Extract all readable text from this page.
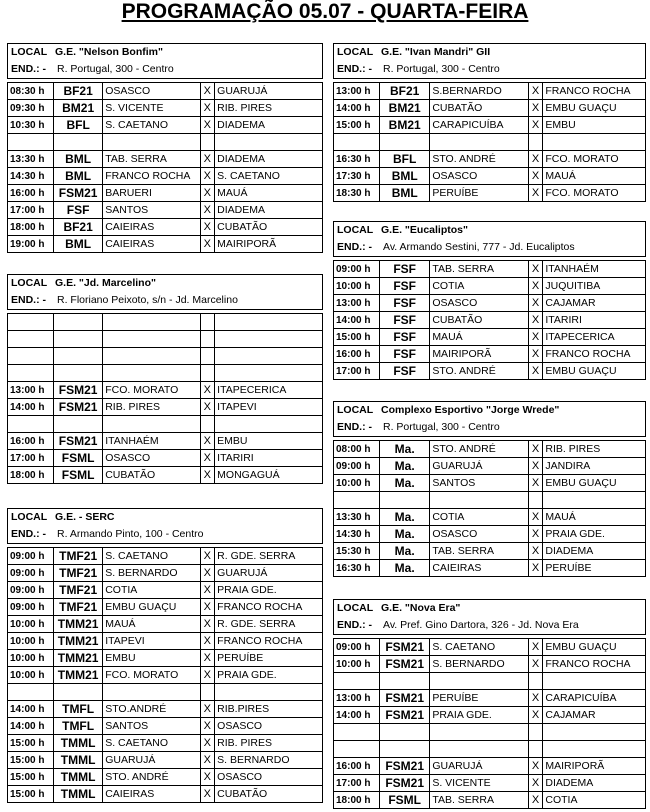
PROGRAMAÇÃO 05.07 - QUARTA-FEIRA
LOCAL G.E. "Nelson Bonfim"
END.: - R. Portugal, 300 - Centro
08:30 h	BF21	OSASCO	X	GUARUJÁ
09:30 h	BM21	S. VICENTE	X	RIB. PIRES
10:30 h	BFL	S. CAETANO	X	DIADEMA

13:30 h	BML	TAB. SERRA	X	DIADEMA
14:30 h	BML	FRANCO ROCHA	X	S. CAETANO
16:00 h	FSM21	BARUERI	X	MAUÁ
17:00 h	FSF	SANTOS	X	DIADEMA
18:00 h	BF21	CAIEIRAS	X	CUBATÃO
19:00 h	BML	CAIEIRAS	X	MAIRIPORÃ
LOCAL G.E. "Jd. Marcelino"
END.: - R. Floriano Peixoto, s/n - Jd. Marcelino

13:00 h	FSM21	FCO. MORATO	X	ITAPECERICA
14:00 h	FSM21	RIB. PIRES	X	ITAPEVI

16:00 h	FSM21	ITANHAÉM	X	EMBU
17:00 h	FSML	OSASCO	X	ITARIRI
18:00 h	FSML	CUBATÃO	X	MONGAGUÁ
LOCAL G.E. - SERC
END.: - R. Armando Pinto, 100 - Centro
09:00 h	TMF21	S. CAETANO	X	R. GDE. SERRA
09:00 h	TMF21	S. BERNARDO	X	GUARUJÁ
09:00 h	TMF21	COTIA	X	PRAIA GDE.
09:00 h	TMF21	EMBU GUAÇU	X	FRANCO ROCHA
10:00 h	TMM21	MAUÁ	X	R. GDE. SERRA
10:00 h	TMM21	ITAPEVI	X	FRANCO ROCHA
10:00 h	TMM21	EMBU	X	PERUÍBE
10:00 h	TMM21	FCO. MORATO	X	PRAIA GDE.

14:00 h	TMFL	STO.ANDRÉ	X	RIB.PIRES
14:00 h	TMFL	SANTOS	X	OSASCO
15:00 h	TMML	S. CAETANO	X	RIB. PIRES
15:00 h	TMML	GUARUJÁ	X	S. BERNARDO
15:00 h	TMML	STO. ANDRÉ	X	OSASCO
15:00 h	TMML	CAIEIRAS	X	CUBATÃO
LOCAL G.E. "Ivan Mandri" GII
END.: - R. Portugal, 300 - Centro
13:00 h	BF21	S.BERNARDO	X	FRANCO ROCHA
14:00 h	BM21	CUBATÃO	X	EMBU GUAÇU
15:00 h	BM21	CARAPICUÍBA	X	EMBU

16:30 h	BFL	STO. ANDRÉ	X	FCO. MORATO
17:30 h	BML	OSASCO	X	MAUÁ
18:30 h	BML	PERUÍBE	X	FCO. MORATO
LOCAL G.E. "Eucaliptos"
END.: - Av. Armando Sestini, 777 - Jd. Eucaliptos
09:00 h	FSF	TAB. SERRA	X	ITANHAÉM
10:00 h	FSF	COTIA	X	JUQUITIBA
13:00 h	FSF	OSASCO	X	CAJAMAR
14:00 h	FSF	CUBATÃO	X	ITARIRI
15:00 h	FSF	MAUÁ	X	ITAPECERICA
16:00 h	FSF	MAIRIPORÃ	X	FRANCO ROCHA
17:00 h	FSF	STO. ANDRÉ	X	EMBU GUAÇU
LOCAL Complexo Esportivo "Jorge Wrede"
END.: - R. Portugal, 300 - Centro
08:00 h	Ma.	STO. ANDRÉ	X	RIB. PIRES
09:00 h	Ma.	GUARUJÁ	X	JANDIRA
10:00 h	Ma.	SANTOS	X	EMBU GUAÇU

13:30 h	Ma.	COTIA	X	MAUÁ
14:30 h	Ma.	OSASCO	X	PRAIA GDE.
15:30 h	Ma.	TAB. SERRA	X	DIADEMA
16:30 h	Ma.	CAIEIRAS	X	PERUÍBE
LOCAL G.E. "Nova Era"
END.: - Av. Pref. Gino Dartora, 326 - Jd. Nova Era
09:00 h	FSM21	S. CAETANO	X	EMBU GUAÇU
10:00 h	FSM21	S. BERNARDO	X	FRANCO ROCHA

13:00 h	FSM21	PERUÍBE	X	CARAPICUÍBA
14:00 h	FSM21	PRAIA GDE.	X	CAJAMAR

16:00 h	FSM21	GUARUJÁ	X	MAIRIPORÃ
17:00 h	FSM21	S. VICENTE	X	DIADEMA
18:00 h	FSML	TAB. SERRA	X	COTIA
